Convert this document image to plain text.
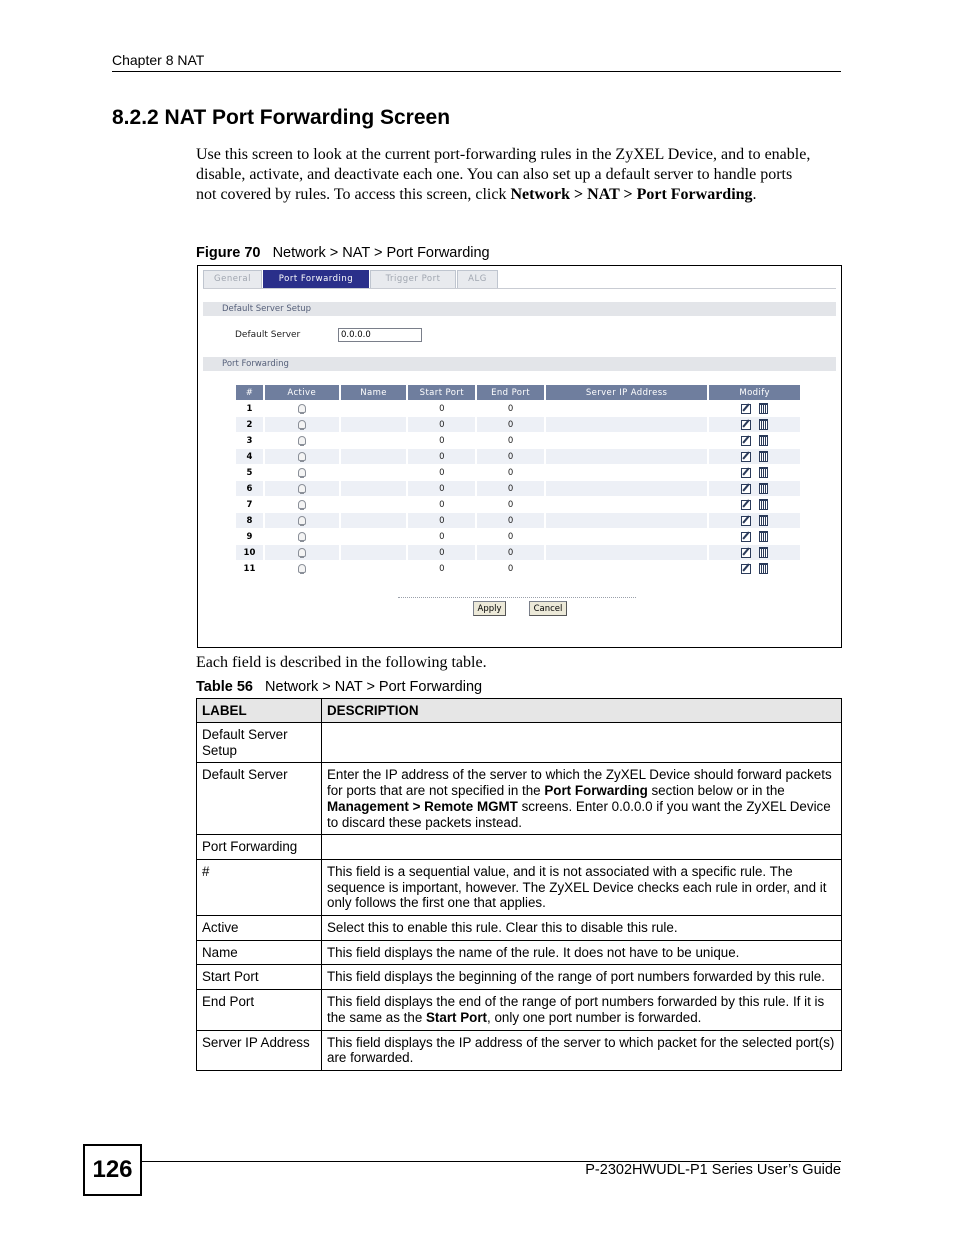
Chapter 8 NAT
8.2.2 NAT Port Forwarding Screen
Use this screen to look at the current port-forwarding rules in the ZyXEL Device, and to enable, disable, activate, and deactivate each one. You can also set up a default server to handle ports not covered by rules. To access this screen, click Network > NAT > Port Forwarding.
Figure 70 Network > NAT > Port Forwarding
General	Port Forwarding	Trigger Port	ALG
Default Server Setup
Default Server
0.0.0.0
Port Forwarding
#	Active	Name	Start Port	End Port	Server IP Address	Modify
1			0	0		
2			0	0		
3			0	0		
4			0	0		
5			0	0		
6			0	0		
7			0	0		
8			0	0		
9			0	0		
10			0	0		
11			0	0		
Apply	Cancel
Each field is described in the following table.
Table 56 Network > NAT > Port Forwarding
LABEL	DESCRIPTION
Default Server Setup	
Default Server	Enter the IP address of the server to which the ZyXEL Device should forward packets for ports that are not specified in the Port Forwarding section below or in the Management > Remote MGMT screens. Enter 0.0.0.0 if you want the ZyXEL Device to discard these packets instead.
Port Forwarding	
#	This field is a sequential value, and it is not associated with a specific rule. The sequence is important, however. The ZyXEL Device checks each rule in order, and it only follows the first one that applies.
Active	Select this to enable this rule. Clear this to disable this rule.
Name	This field displays the name of the rule. It does not have to be unique.
Start Port	This field displays the beginning of the range of port numbers forwarded by this rule.
End Port	This field displays the end of the range of port numbers forwarded by this rule. If it is the same as the Start Port, only one port number is forwarded.
Server IP Address	This field displays the IP address of the server to which packet for the selected port(s) are forwarded.
126	P-2302HWUDL-P1 Series User’s Guide
